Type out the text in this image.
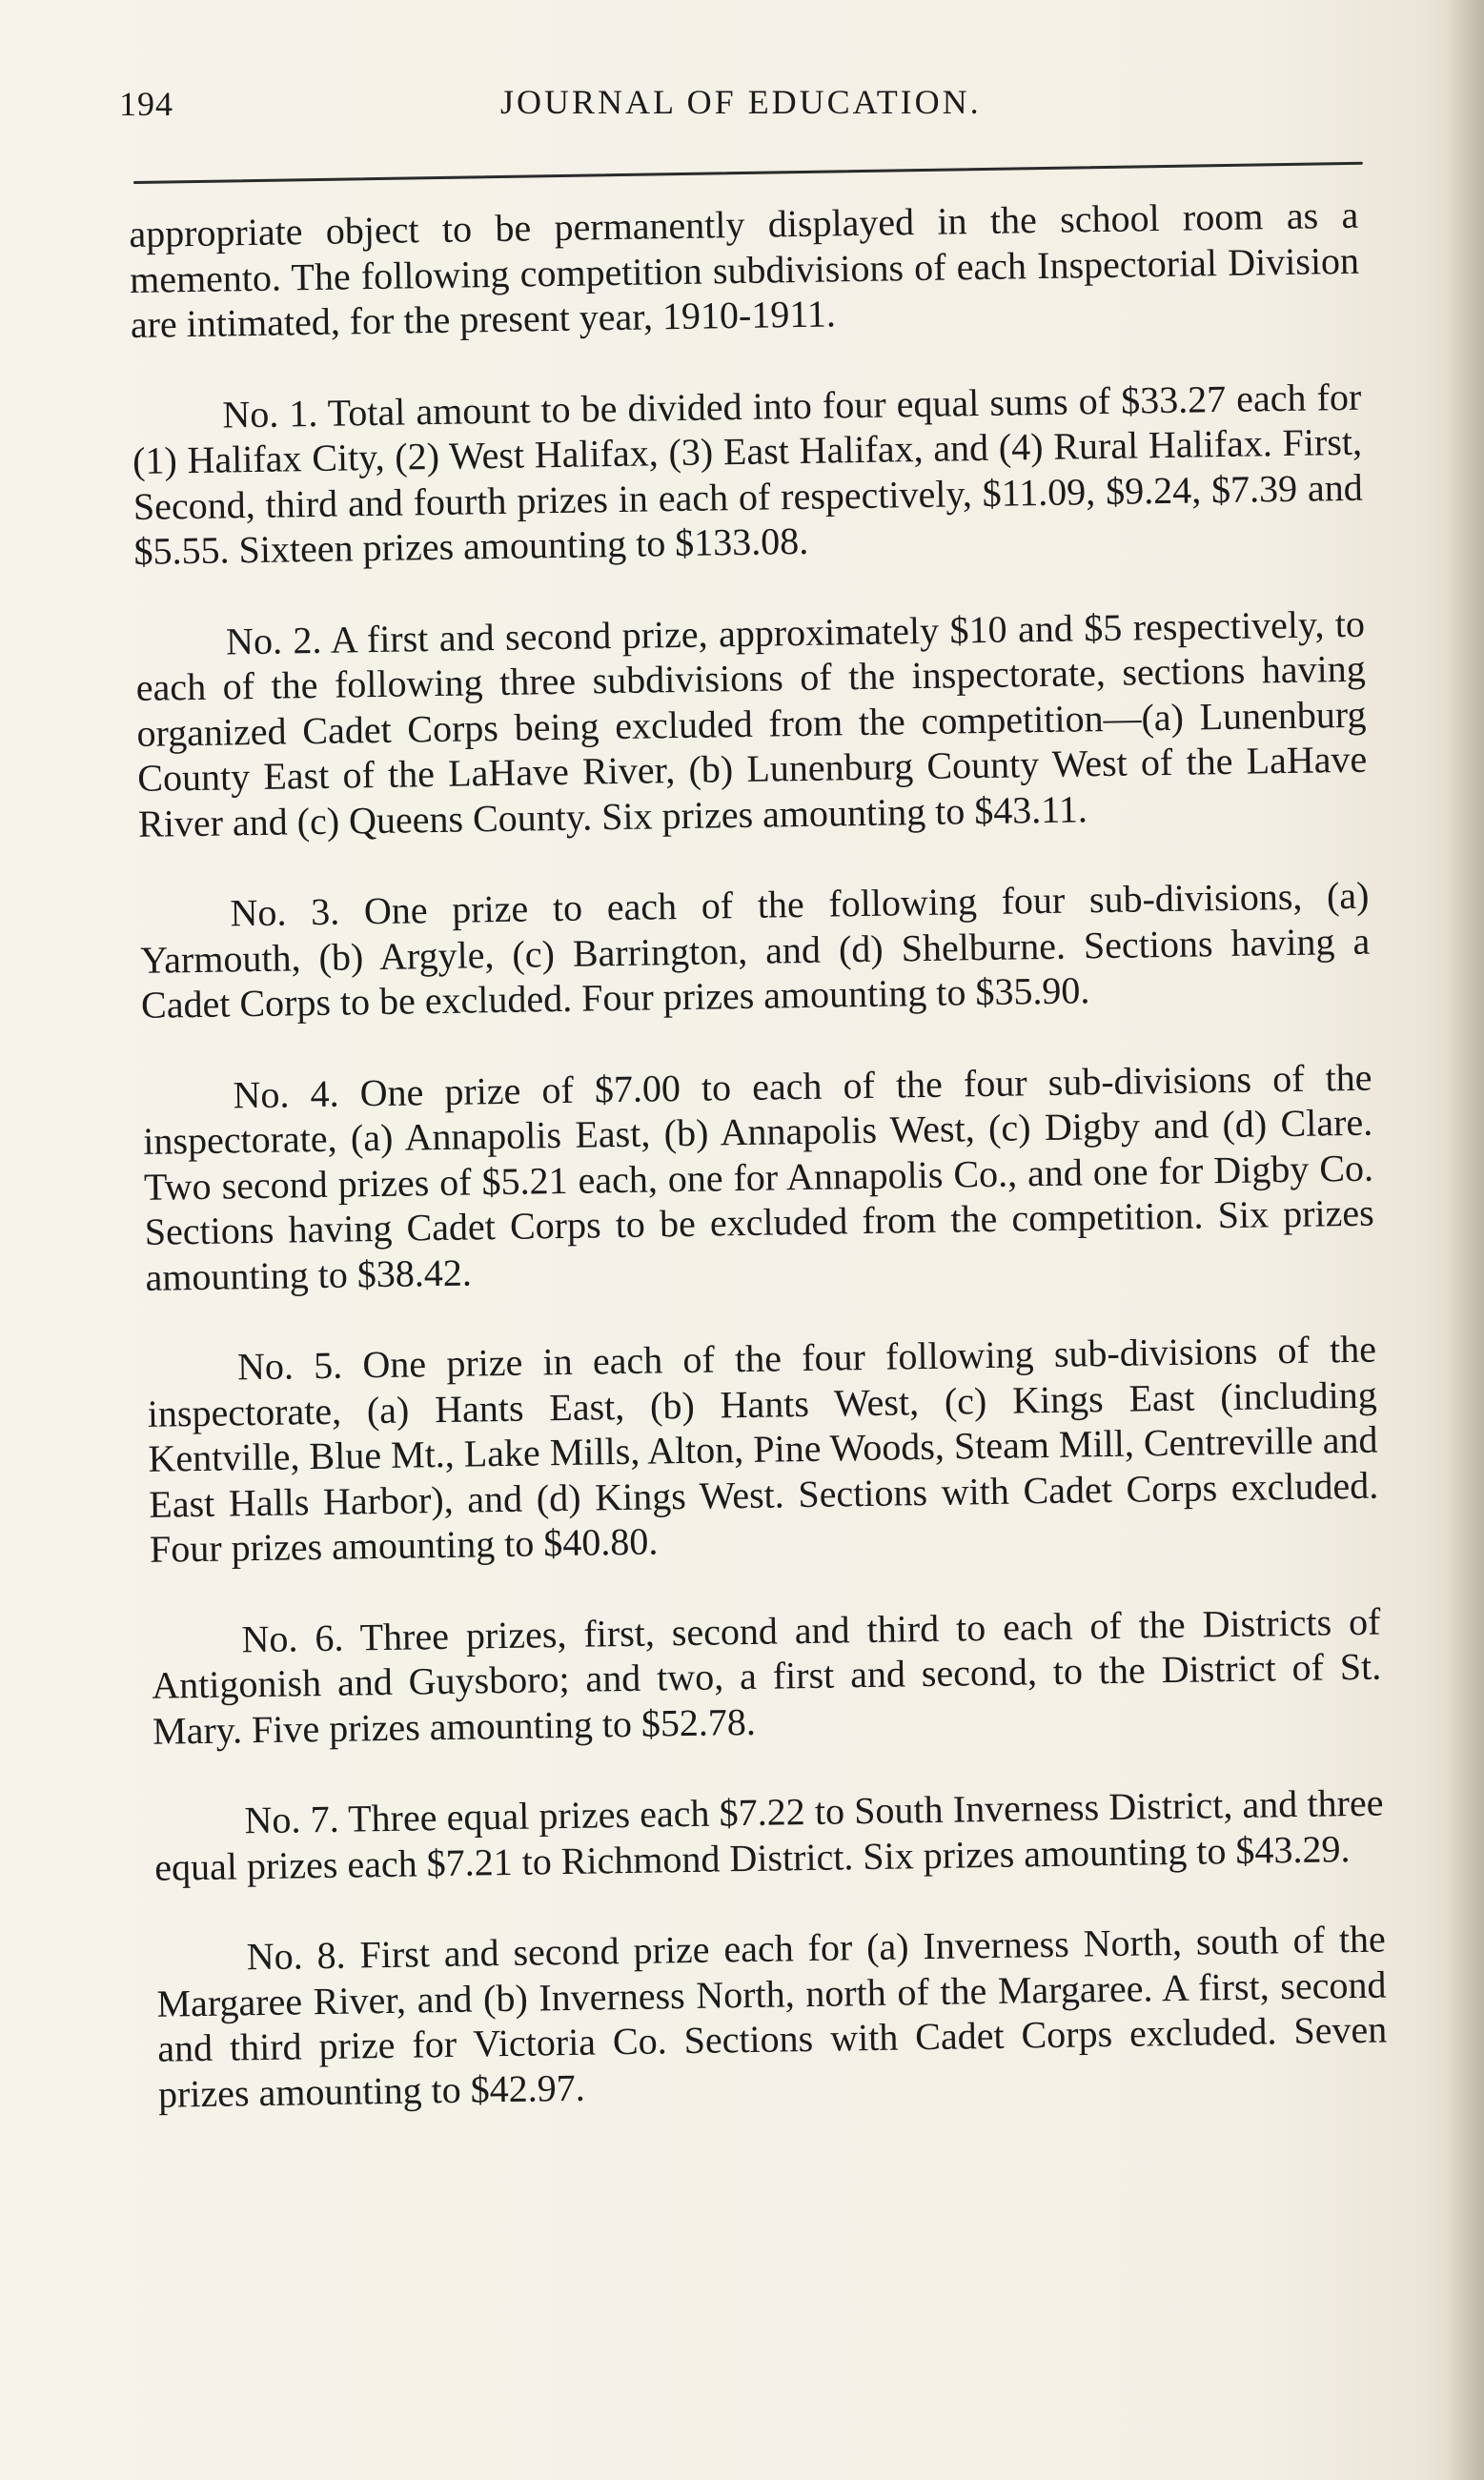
194	JOURNAL OF EDUCATION.

appropriate object to be permanently displayed in the school room as a memento. The following competition subdivisions of each Inspectorial Division are intimated, for the present year, 1910-1911.

No. 1. Total amount to be divided into four equal sums of $33.27 each for (1) Halifax City, (2) West Halifax, (3) East Halifax, and (4) Rural Halifax. First, Second, third and fourth prizes in each of respectively, $11.09, $9.24, $7.39 and $5.55. Sixteen prizes amounting to $133.08.

No. 2. A first and second prize, approximately $10 and $5 respectively, to each of the following three subdivisions of the inspectorate, sections having organized Cadet Corps being excluded from the competition—(a) Lunenburg County East of the LaHave River, (b) Lunenburg County West of the LaHave River and (c) Queens County. Six prizes amounting to $43.11.

No. 3. One prize to each of the following four sub-divisions, (a) Yarmouth, (b) Argyle, (c) Barrington, and (d) Shelburne. Sections having a Cadet Corps to be excluded. Four prizes amounting to $35.90.

No. 4. One prize of $7.00 to each of the four sub-divisions of the inspectorate, (a) Annapolis East, (b) Annapolis West, (c) Digby and (d) Clare. Two second prizes of $5.21 each, one for Annapolis Co., and one for Digby Co. Sections having Cadet Corps to be excluded from the competition. Six prizes amounting to $38.42.

No. 5. One prize in each of the four following sub-divisions of the inspectorate, (a) Hants East, (b) Hants West, (c) Kings East (including Kentville, Blue Mt., Lake Mills, Alton, Pine Woods, Steam Mill, Centreville and East Halls Harbor), and (d) Kings West. Sections with Cadet Corps excluded. Four prizes amounting to $40.80.

No. 6. Three prizes, first, second and third to each of the Districts of Antigonish and Guysboro; and two, a first and second, to the District of St. Mary. Five prizes amounting to $52.78.

No. 7. Three equal prizes each $7.22 to South Inverness District, and three equal prizes each $7.21 to Richmond District. Six prizes amounting to $43.29.

No. 8. First and second prize each for (a) Inverness North, south of the Margaree River, and (b) Inverness North, north of the Margaree. A first, second and third prize for Victoria Co. Sections with Cadet Corps excluded. Seven prizes amounting to $42.97.
